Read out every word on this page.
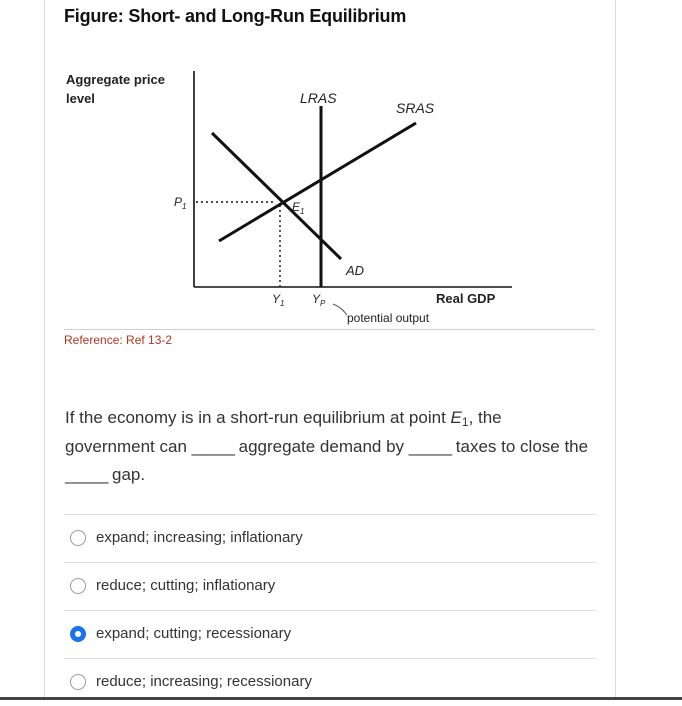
Figure: Short- and Long-Run Equilibrium
Aggregate price
level
Real GDP
LRAS
SRAS
AD
$P_1$	$E_1$
$Y_1$ $Y_P$
potential output
Reference: Ref 13-2
If the economy is in a short-run equilibrium at point E1, the government can _____ aggregate demand by _____ taxes to close the _____ gap.
expand; increasing; inflationary
reduce; cutting; inflationary
expand; cutting; recessionary
reduce; increasing; recessionary
